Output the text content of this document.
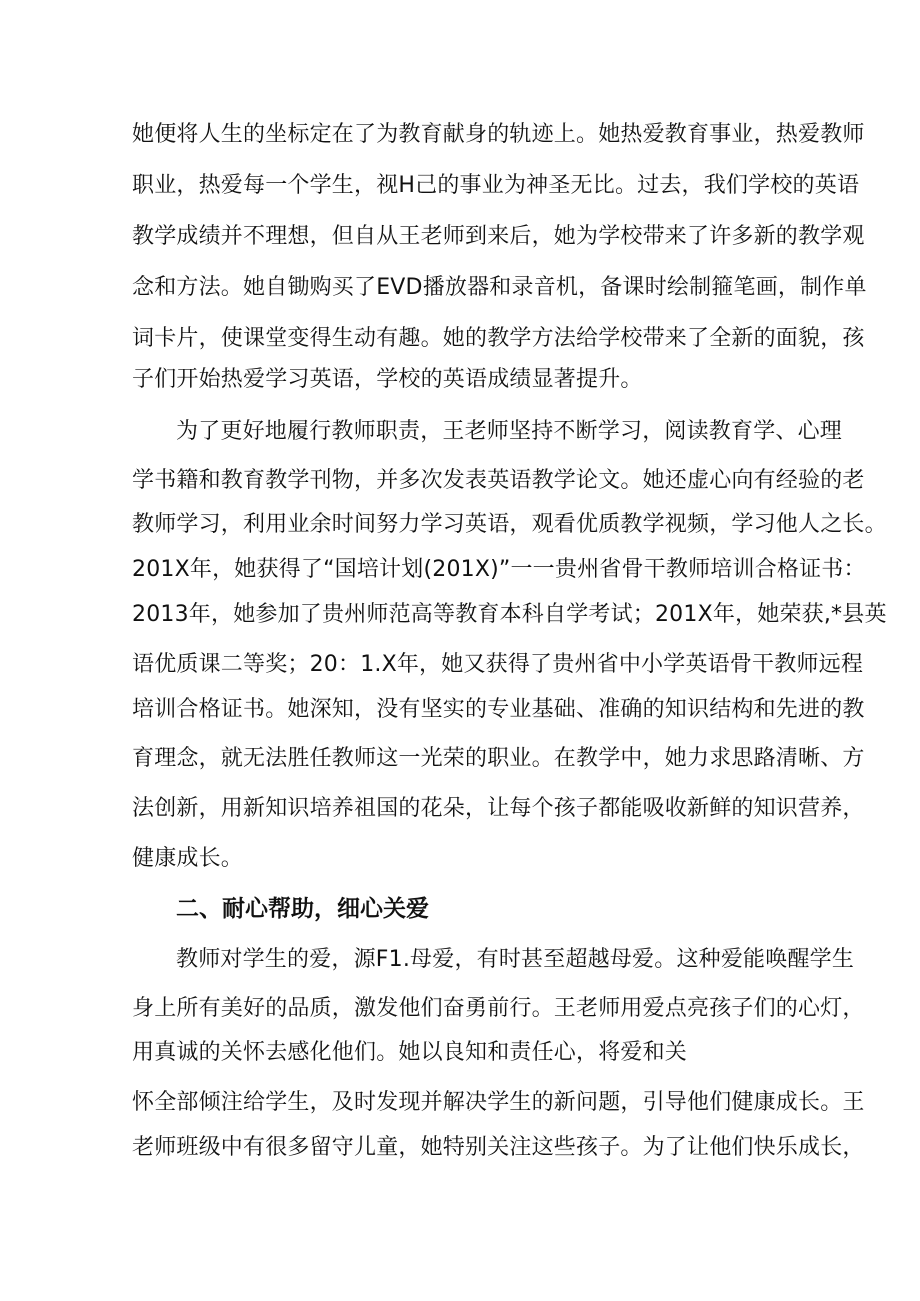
她便将人生的坐标定在了为教育献身的轨迹上。她热爱教育事业，热爱教师
职业，热爱每一个学生，视H己的事业为神圣无比。过去，我们学校的英语
教学成绩并不理想，但自从王老师到来后，她为学校带来了许多新的教学观
念和方法。她自锄购买了EVD播放器和录音机，备课时绘制箍笔画，制作单
词卡片，使课堂变得生动有趣。她的教学方法给学校带来了全新的面貌，孩
子们开始热爱学习英语，学校的英语成绩显著提升。
为了更好地履行教师职责，王老师坚持不断学习，阅读教育学、心理
学书籍和教育教学刊物，并多次发表英语教学论文。她还虚心向有经验的老
教师学习，利用业余时间努力学习英语，观看优质教学视频，学习他人之长。
201X年，她获得了“国培计划(201X)”一一贵州省骨干教师培训合格证书：
2013年，她参加了贵州师范高等教育本科自学考试；201X年，她荣获,*县英
语优质课二等奖；20：1.X年，她又获得了贵州省中小学英语骨干教师远程
培训合格证书。她深知，没有坚实的专业基础、准确的知识结构和先进的教
育理念，就无法胜任教师这一光荣的职业。在教学中，她力求思路清晰、方
法创新，用新知识培养祖国的花朵，让每个孩子都能吸收新鲜的知识营养，
健康成长。
二、耐心帮助，细心关爱
教师对学生的爱，源F1.母爱，有时甚至超越母爱。这种爱能唤醒学生
身上所有美好的品质，激发他们奋勇前行。王老师用爱点亮孩子们的心灯，
用真诚的关怀去感化他们。她以良知和责任心，将爱和关
怀全部倾注给学生，及时发现并解决学生的新问题，引导他们健康成长。王
老师班级中有很多留守儿童，她特别关注这些孩子。为了让他们快乐成长，
